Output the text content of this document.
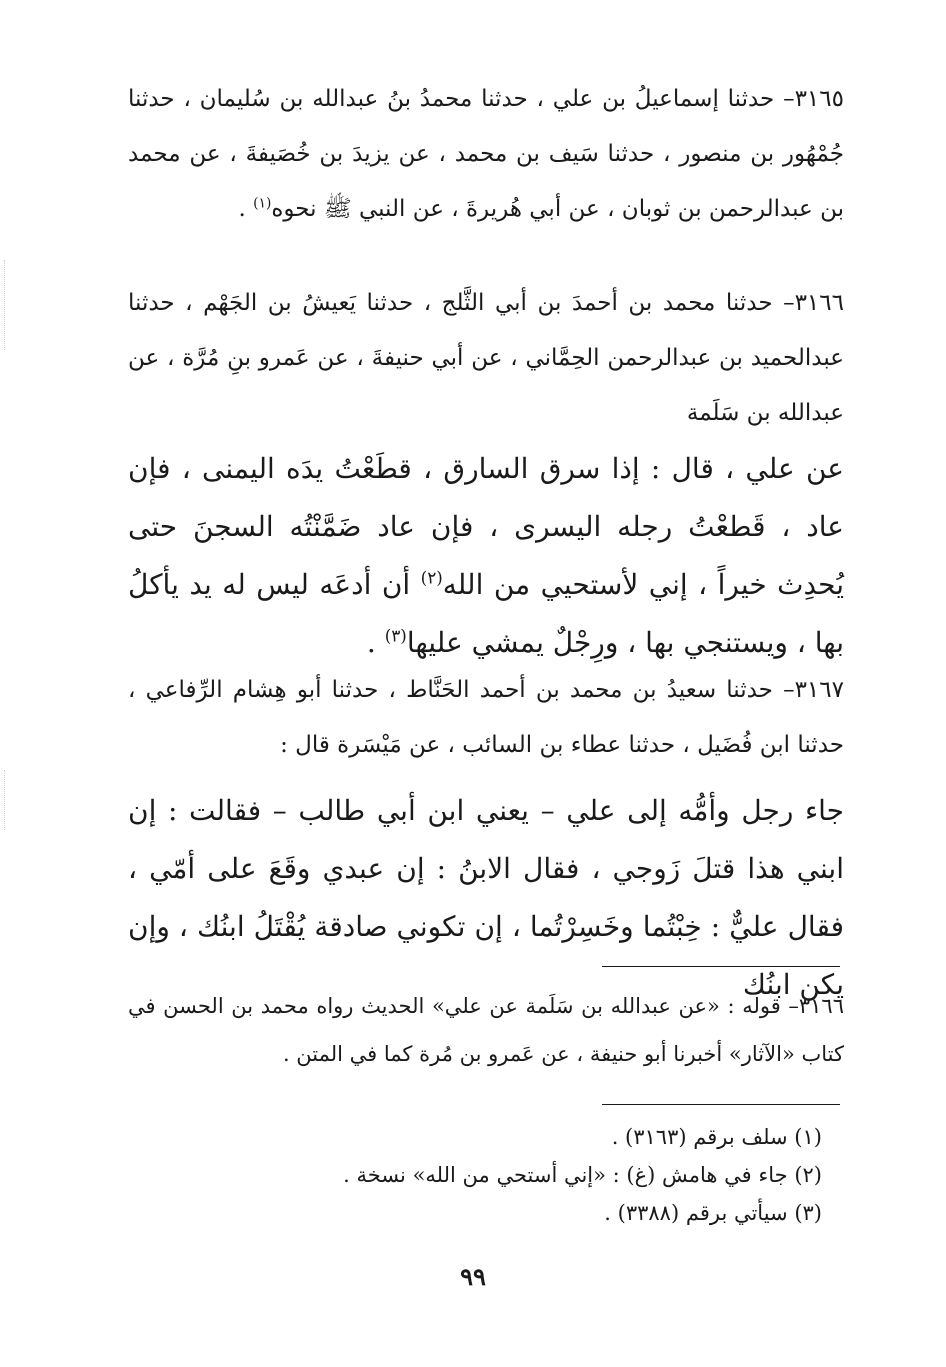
٣١٦٥– حدثنا إسماعيلُ بن علي ، حدثنا محمدُ بنُ عبدالله بن سُليمان ، حدثنا جُمْهُور بن منصور ، حدثنا سَيف بن محمد ، عن يزيدَ بن خُصَيفةَ ، عن محمد بن عبدالرحمن بن ثوبان ، عن أبي هُريرةَ ، عن النبي ﷺ نحوه$^{(١)}$ .

٣١٦٦– حدثنا محمد بن أحمدَ بن أبي الثَّلج ، حدثنا يَعيشُ بن الجَهْم ، حدثنا عبدالحميد بن عبدالرحمن الحِمَّاني ، عن أبي حنيفةَ ، عن عَمرو بنِ مُرَّة ، عن عبدالله بن سَلَمة

عن علي ، قال : إذا سرق السارق ، قطَعْتُ يدَه اليمنى ، فإن عاد ، قَطعْتُ رجله اليسرى ، فإن عاد ضَمَّنْتُه السجنَ حتى يُحدِث خيراً ، إني لأستحيي من الله$^{(٢)}$ أن أدعَه ليس له يد يأكلُ بها ، ويستنجي بها ، ورِجْلٌ يمشي عليها$^{(٣)}$ .

٣١٦٧– حدثنا سعيدُ بن محمد بن أحمد الحَنَّاط ، حدثنا أبو هِشام الرِّفاعي ، حدثنا ابن فُضَيل ، حدثنا عطاء بن السائب ، عن مَيْسَرة قال :

جاء رجل وأمُّه إلى علي – يعني ابن أبي طالب – فقالت : إن ابني هذا قتلَ زَوجي ، فقال الابنُ : إن عبدي وقَعَ على أمّي ، فقال عليٌّ : خِبْتُما وخَسِرْتُما ، إن تكوني صادقة يُقْتَلُ ابنُك ، وإن يكن ابنُك

٣١٦٦– قوله : «عن عبدالله بن سَلَمة عن علي» الحديث رواه محمد بن الحسن في كتاب «الآثار» أخبرنا أبو حنيفة ، عن عَمرو بن مُرة كما في المتن .

(١) سلف برقم (٣١٦٣) .
(٢) جاء في هامش (غ) : «إني أستحي من الله» نسخة .
(٣) سيأتي برقم (٣٣٨٨) .
٩٩
